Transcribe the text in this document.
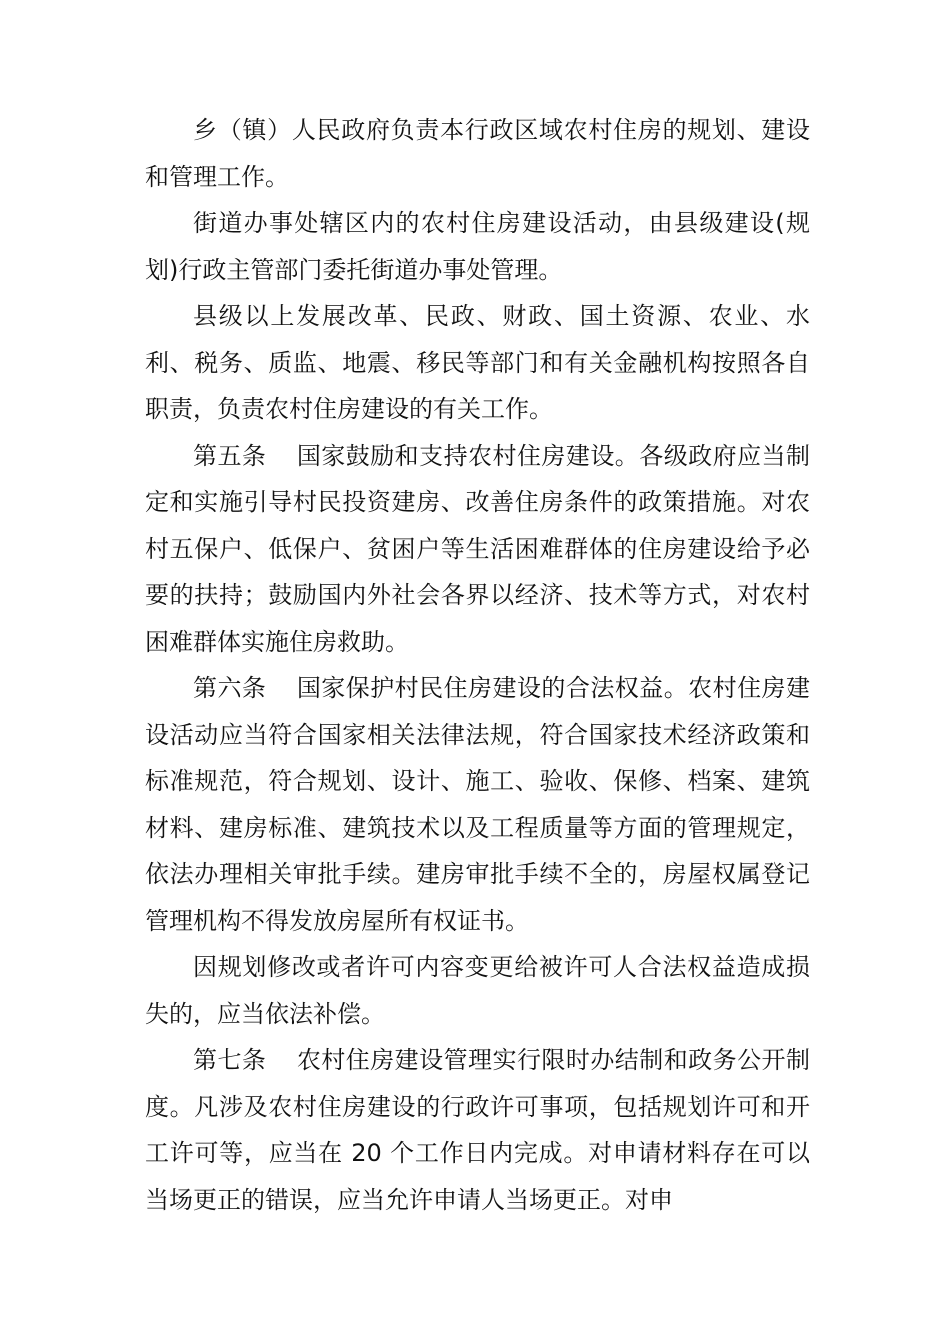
乡（镇）人民政府负责本行政区域农村住房的规划、建设和管理工作。

街道办事处辖区内的农村住房建设活动，由县级建设(规划)行政主管部门委托街道办事处管理。

县级以上发展改革、民政、财政、国土资源、农业、水利、税务、质监、地震、移民等部门和有关金融机构按照各自职责，负责农村住房建设的有关工作。

第五条 国家鼓励和支持农村住房建设。各级政府应当制定和实施引导村民投资建房、改善住房条件的政策措施。对农村五保户、低保户、贫困户等生活困难群体的住房建设给予必要的扶持；鼓励国内外社会各界以经济、技术等方式，对农村困难群体实施住房救助。

第六条 国家保护村民住房建设的合法权益。农村住房建设活动应当符合国家相关法律法规，符合国家技术经济政策和标准规范，符合规划、设计、施工、验收、保修、档案、建筑材料、建房标准、建筑技术以及工程质量等方面的管理规定，依法办理相关审批手续。建房审批手续不全的，房屋权属登记管理机构不得发放房屋所有权证书。

因规划修改或者许可内容变更给被许可人合法权益造成损失的，应当依法补偿。

第七条 农村住房建设管理实行限时办结制和政务公开制度。凡涉及农村住房建设的行政许可事项，包括规划许可和开工许可等，应当在 20 个工作日内完成。对申请材料存在可以当场更正的错误，应当允许申请人当场更正。对申
